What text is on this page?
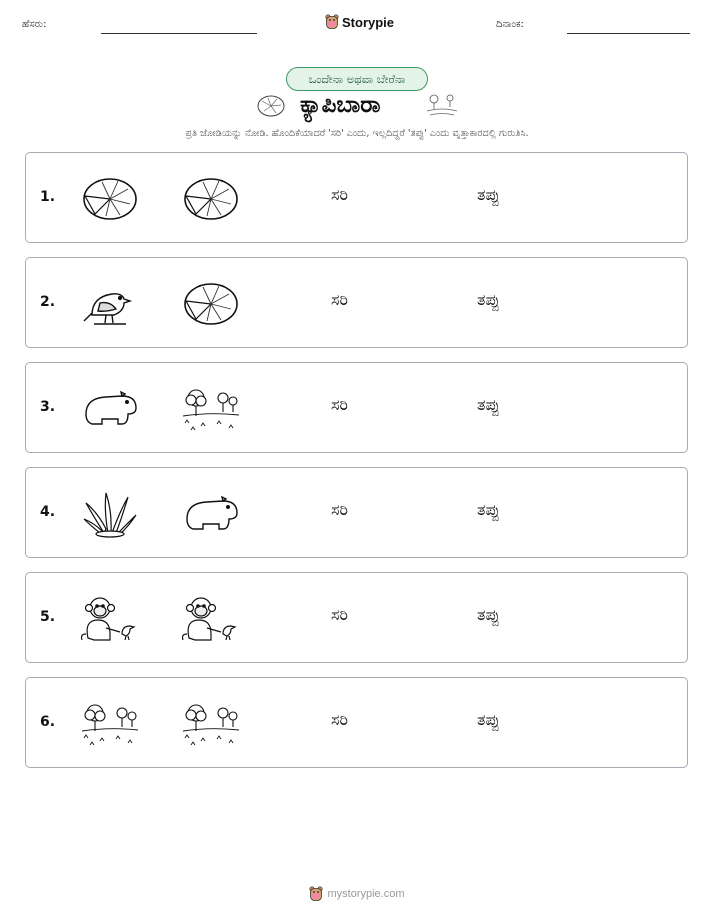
ಹೆಸರು:	Storypie	ದಿನಾಂಕ:
ಒಂದೇನಾ ಅಥವಾ ಬೇರೆನಾ
ಕ್ಯಾಪಿಬಾರಾ
ಪ್ರತಿ ಜೋಡಿಯನ್ನು ನೋಡಿ. ಹೊಂದಿಕೆಯಾದರೆ 'ಸರಿ' ಎಂದು, ಇಲ್ಲದಿದ್ದರೆ 'ತಪ್ಪು' ಎಂದು ವೃತ್ತಾಕಾರದಲ್ಲಿ ಗುರುತಿಸಿ.
1.	ಸರಿ	ತಪ್ಪು
2.	ಸರಿ	ತಪ್ಪು
3.	ಸರಿ	ತಪ್ಪು
4.	ಸರಿ	ತಪ್ಪು
5.	ಸರಿ	ತಪ್ಪು
6.	ಸರಿ	ತಪ್ಪು
mystorypie.com
